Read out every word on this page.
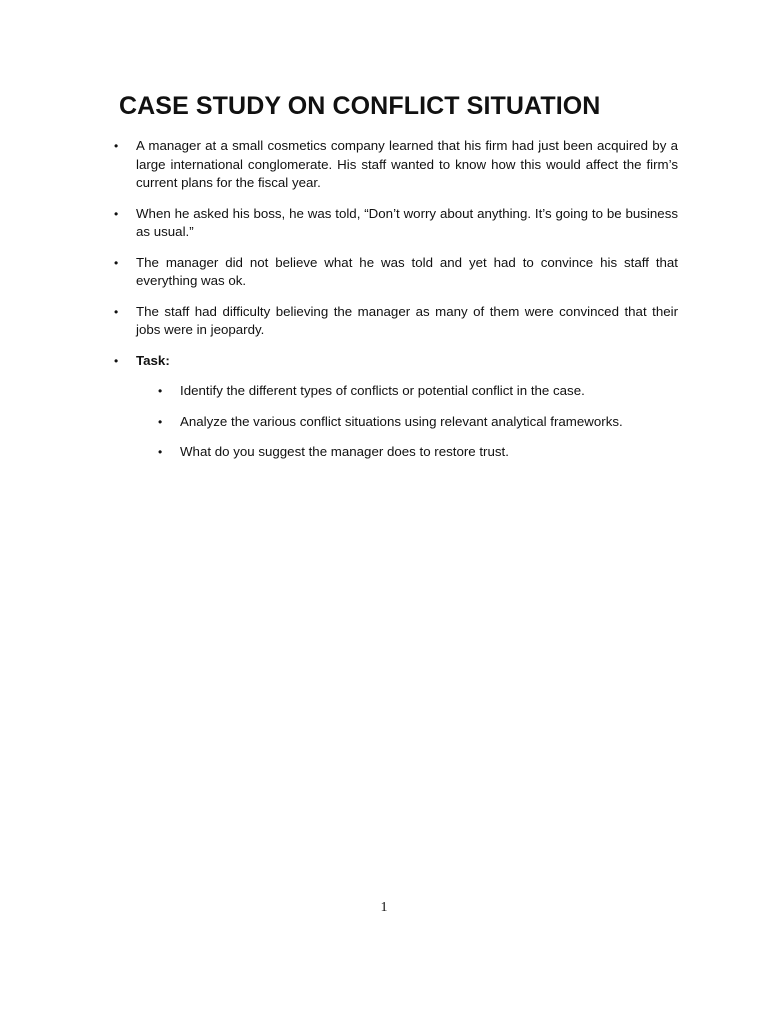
CASE STUDY ON CONFLICT SITUATION
• A manager at a small cosmetics company learned that his firm had just been acquired by a large international conglomerate. His staff wanted to know how this would affect the firm’s current plans for the fiscal year.
• When he asked his boss, he was told, “Don’t worry about anything. It’s going to be business as usual.”
• The manager did not believe what he was told and yet had to convince his staff that everything was ok.
• The staff had difficulty believing the manager as many of them were convinced that their jobs were in jeopardy.
• Task:
• Identify the different types of conflicts or potential conflict in the case.
• Analyze the various conflict situations using relevant analytical frameworks.
• What do you suggest the manager does to restore trust.
1
